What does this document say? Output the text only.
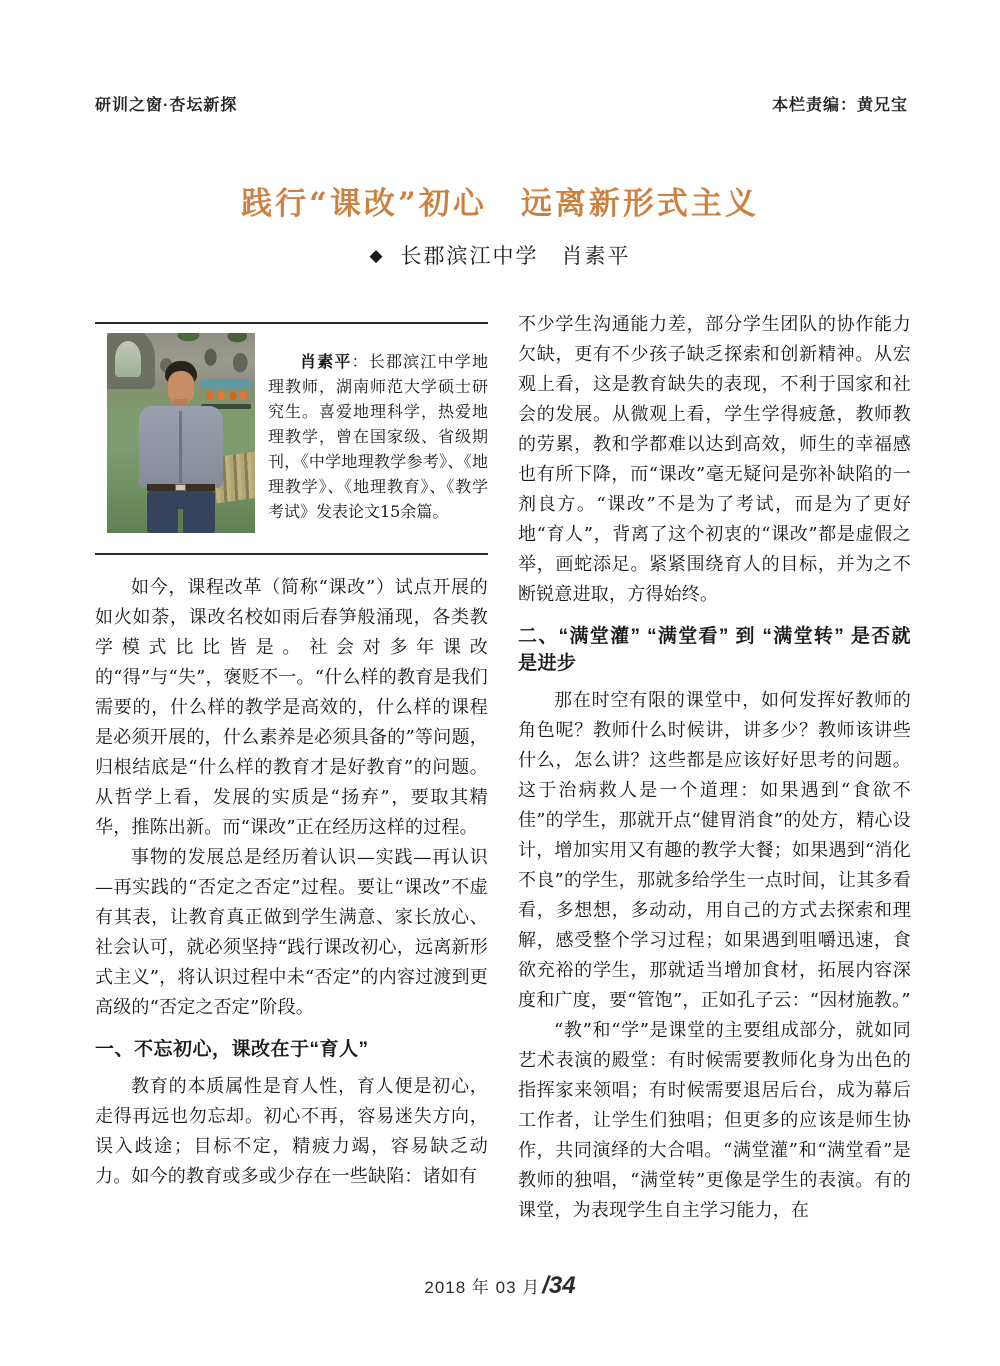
研训之窗·杏坛新探	本栏责编：黄兄宝
践行“课改”初心　远离新形式主义
◆ 长郡滨江中学　肖素平

肖素平：长郡滨江中学地理教师，湖南师范大学硕士研究生。喜爱地理科学，热爱地理教学，曾在国家级、省级期刊，《中学地理教学参考》、《地理教学》、《地理教育》、《教学考试》发表论文15余篇。

如今，课程改革（简称“课改”）试点开展的如火如荼，课改名校如雨后春笋般涌现，各类教学模式比比皆是。社会对多年课改的“得”与“失”，褒贬不一。“什么样的教育是我们需要的，什么样的教学是高效的，什么样的课程是必须开展的，什么素养是必须具备的”等问题，归根结底是“什么样的教育才是好教育”的问题。从哲学上看，发展的实质是“扬弃”，要取其精华，推陈出新。而“课改”正在经历这样的过程。

事物的发展总是经历着认识—实践—再认识—再实践的“否定之否定”过程。要让“课改”不虚有其表，让教育真正做到学生满意、家长放心、社会认可，就必须坚持“践行课改初心，远离新形式主义”，将认识过程中未“否定”的内容过渡到更高级的“否定之否定”阶段。

一、不忘初心，课改在于“育人”

教育的本质属性是育人性，育人便是初心，走得再远也勿忘却。初心不再，容易迷失方向，误入歧途；目标不定，精疲力竭，容易缺乏动力。如今的教育或多或少存在一些缺陷：诸如有

不少学生沟通能力差，部分学生团队的协作能力欠缺，更有不少孩子缺乏探索和创新精神。从宏观上看，这是教育缺失的表现，不利于国家和社会的发展。从微观上看，学生学得疲惫，教师教的劳累，教和学都难以达到高效，师生的幸福感也有所下降，而“课改”毫无疑问是弥补缺陷的一剂良方。“课改”不是为了考试，而是为了更好地“育人”，背离了这个初衷的“课改”都是虚假之举，画蛇添足。紧紧围绕育人的目标，并为之不断锐意进取，方得始终。

二、“满堂灌” “满堂看” 到 “满堂转” 是否就是进步

那在时空有限的课堂中，如何发挥好教师的角色呢？教师什么时候讲，讲多少？教师该讲些什么，怎么讲？这些都是应该好好思考的问题。这于治病救人是一个道理：如果遇到“食欲不佳”的学生，那就开点“健胃消食”的处方，精心设计，增加实用又有趣的教学大餐；如果遇到“消化不良”的学生，那就多给学生一点时间，让其多看看，多想想，多动动，用自己的方式去探索和理解，感受整个学习过程；如果遇到咀嚼迅速，食欲充裕的学生，那就适当增加食材，拓展内容深度和广度，要“管饱”，正如孔子云：“因材施教。”

“教”和“学”是课堂的主要组成部分，就如同艺术表演的殿堂：有时候需要教师化身为出色的指挥家来领唱；有时候需要退居后台，成为幕后工作者，让学生们独唱；但更多的应该是师生协作，共同演绎的大合唱。“满堂灌”和“满堂看”是教师的独唱，“满堂转”更像是学生的表演。有的课堂，为表现学生自主学习能力，在

2018 年 03 月/34
